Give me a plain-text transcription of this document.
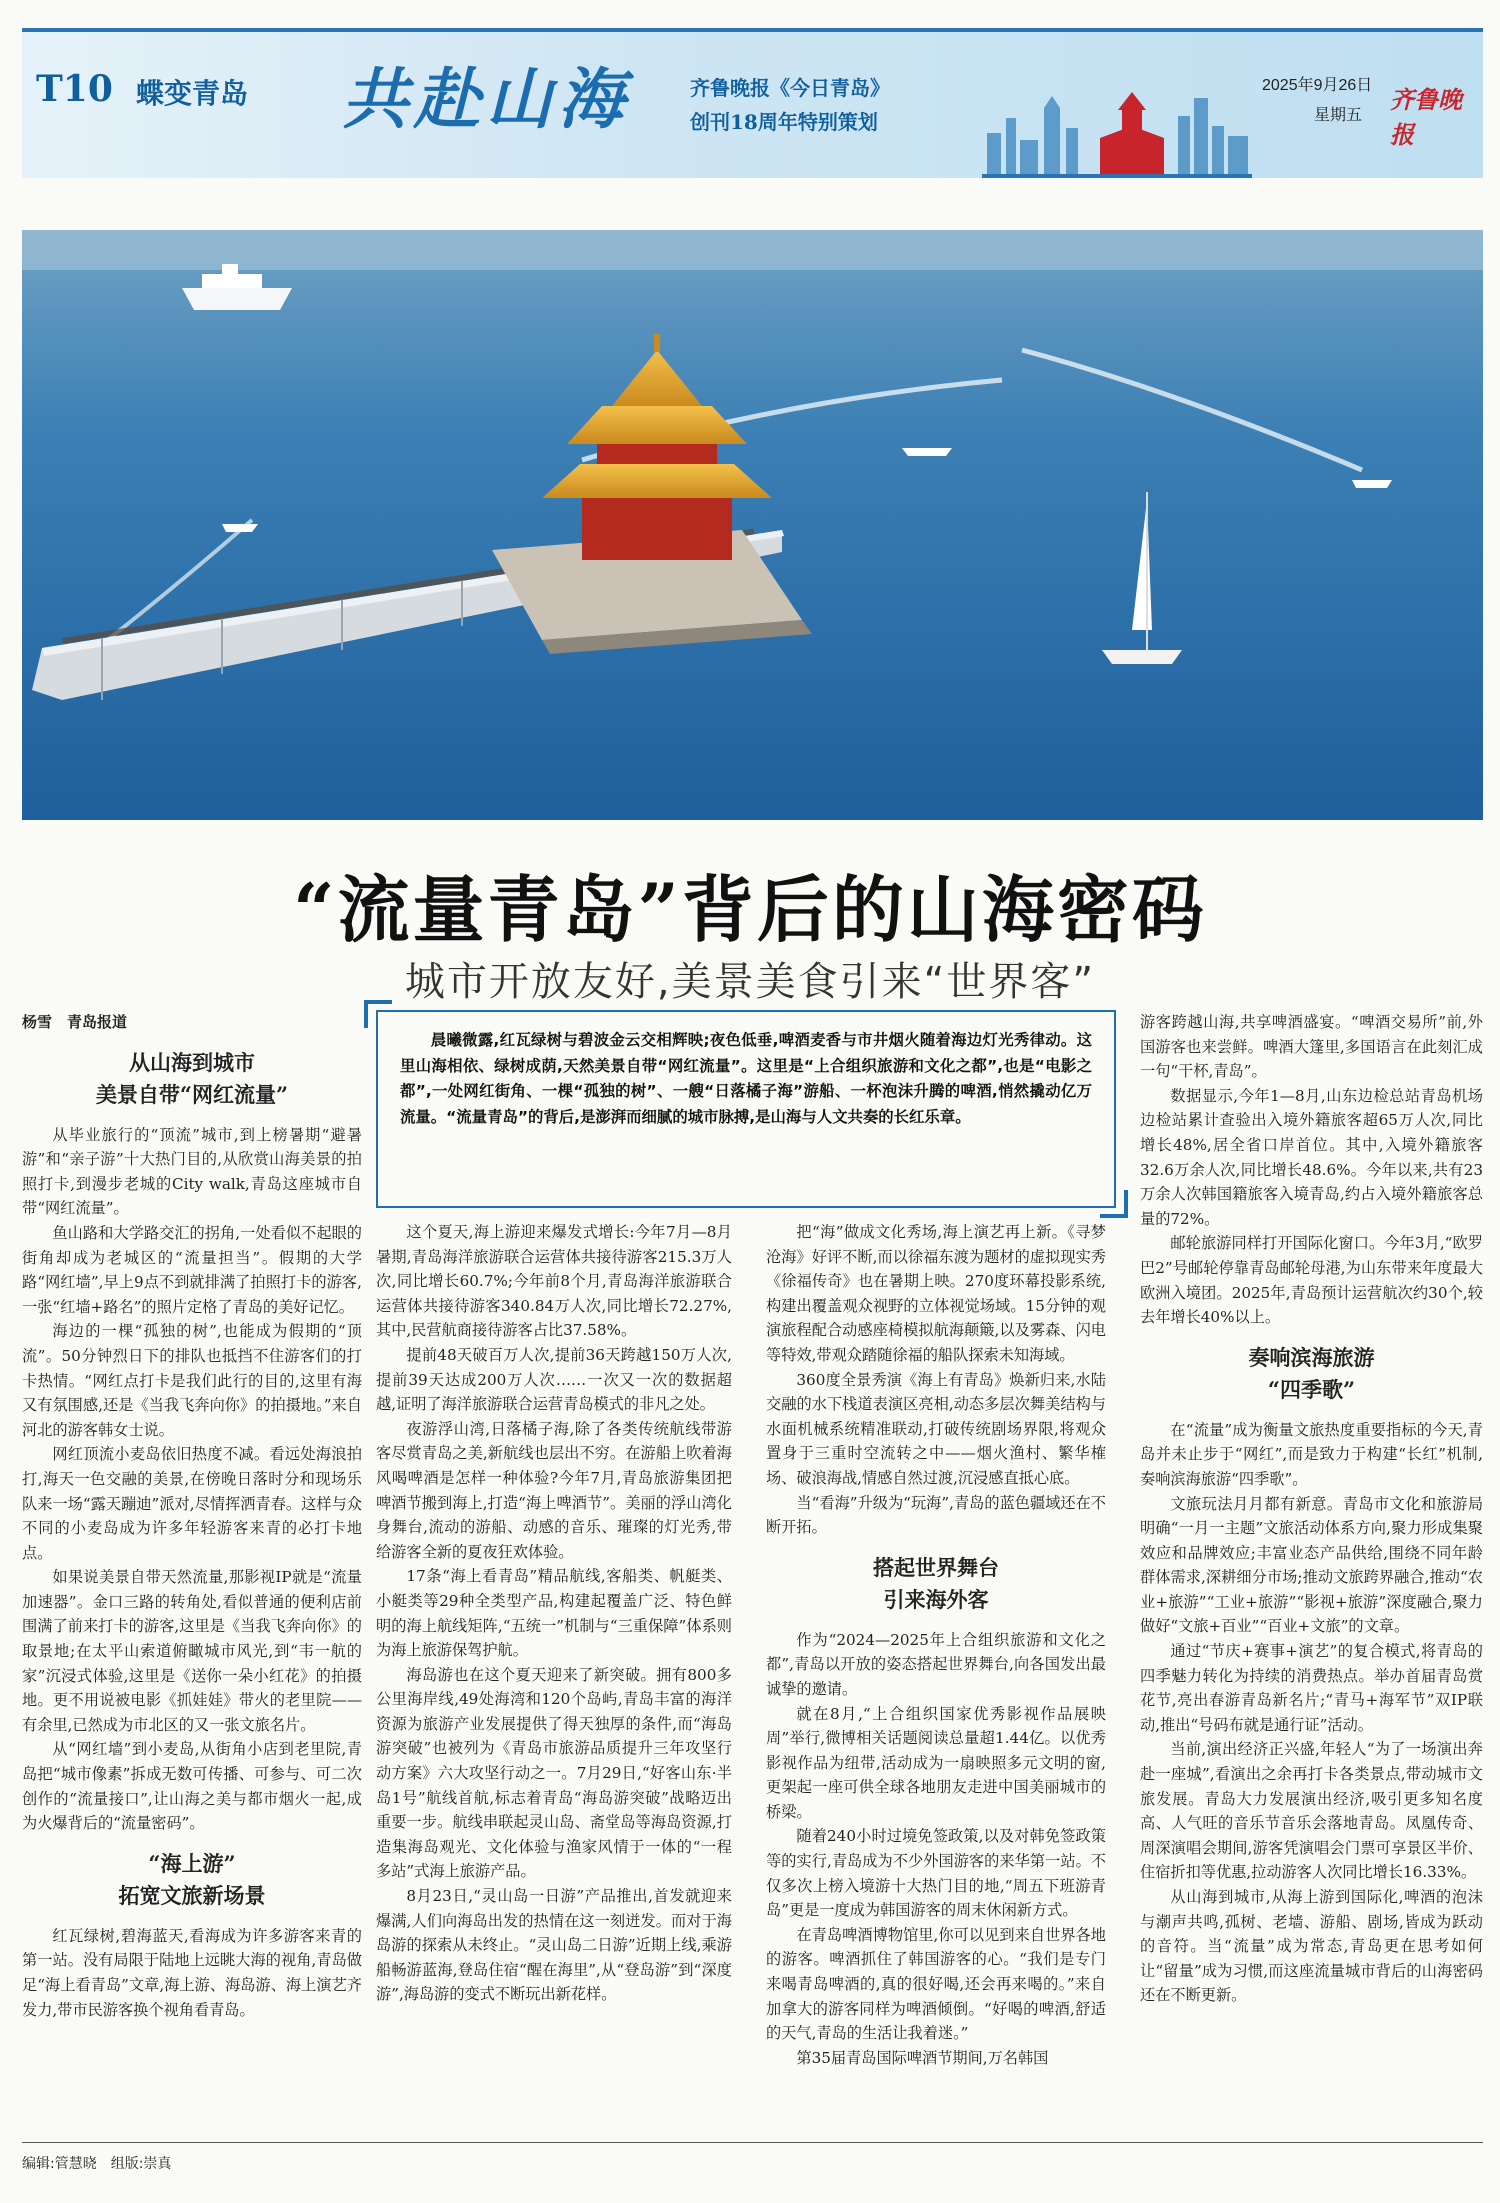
T10 蝶变青岛 共赴山海	齐鲁晚报《今日青岛》
创刊18周年特别策划
2025年9月26日
星期五
齐鲁晚报
“流量青岛”背后的山海密码
城市开放友好,美景美食引来“世界客”
晨曦微露,红瓦绿树与碧波金云交相辉映;夜色低垂,啤酒麦香与市井烟火随着海边灯光秀律动。这里山海相依、绿树成荫,天然美景自带“网红流量”。这里是“上合组织旅游和文化之都”,也是“电影之都”,一处网红街角、一棵“孤独的树”、一艘“日落橘子海”游船、一杯泡沫升腾的啤酒,悄然撬动亿万流量。“流量青岛”的背后,是澎湃而细腻的城市脉搏,是山海与人文共奏的长红乐章。
杨雪　青岛报道
从山海到城市
美景自带“网红流量”

从毕业旅行的“顶流”城市,到上榜暑期“避暑游”和“亲子游”十大热门目的,从欣赏山海美景的拍照打卡,到漫步老城的City walk,青岛这座城市自带“网红流量”。

鱼山路和大学路交汇的拐角,一处看似不起眼的街角却成为老城区的“流量担当”。假期的大学路“网红墙”,早上9点不到就排满了拍照打卡的游客,一张“红墙+路名”的照片定格了青岛的美好记忆。

海边的一棵“孤独的树”,也能成为假期的“顶流”。50分钟烈日下的排队也抵挡不住游客们的打卡热情。“网红点打卡是我们此行的目的,这里有海又有氛围感,还是《当我飞奔向你》的拍摄地。”来自河北的游客韩女士说。

网红顶流小麦岛依旧热度不减。看远处海浪拍打,海天一色交融的美景,在傍晚日落时分和现场乐队来一场“露天蹦迪”派对,尽情挥洒青春。这样与众不同的小麦岛成为许多年轻游客来青的必打卡地点。

如果说美景自带天然流量,那影视IP就是“流量加速器”。金口三路的转角处,看似普通的便利店前围满了前来打卡的游客,这里是《当我飞奔向你》的取景地;在太平山索道俯瞰城市风光,到“韦一航的家”沉浸式体验,这里是《送你一朵小红花》的拍摄地。更不用说被电影《抓娃娃》带火的老里院——有余里,已然成为市北区的又一张文旅名片。

从“网红墙”到小麦岛,从街角小店到老里院,青岛把“城市像素”拆成无数可传播、可参与、可二次创作的“流量接口”,让山海之美与都市烟火一起,成为火爆背后的“流量密码”。

“海上游”
拓宽文旅新场景

红瓦绿树,碧海蓝天,看海成为许多游客来青的第一站。没有局限于陆地上远眺大海的视角,青岛做足“海上看青岛”文章,海上游、海岛游、海上演艺齐发力,带市民游客换个视角看青岛。

这个夏天,海上游迎来爆发式增长:今年7月—8月暑期,青岛海洋旅游联合运营体共接待游客215.3万人次,同比增长60.7%;今年前8个月,青岛海洋旅游联合运营体共接待游客340.84万人次,同比增长72.27%,其中,民营航商接待游客占比37.58%。

提前48天破百万人次,提前36天跨越150万人次,提前39天达成200万人次……一次又一次的数据超越,证明了海洋旅游联合运营青岛模式的非凡之处。

夜游浮山湾,日落橘子海,除了各类传统航线带游客尽赏青岛之美,新航线也层出不穷。在游船上吹着海风喝啤酒是怎样一种体验?今年7月,青岛旅游集团把啤酒节搬到海上,打造“海上啤酒节”。美丽的浮山湾化身舞台,流动的游船、动感的音乐、璀璨的灯光秀,带给游客全新的夏夜狂欢体验。

17条“海上看青岛”精品航线,客船类、帆艇类、小艇类等29种全类型产品,构建起覆盖广泛、特色鲜明的海上航线矩阵,“五统一”机制与“三重保障”体系则为海上旅游保驾护航。

海岛游也在这个夏天迎来了新突破。拥有800多公里海岸线,49处海湾和120个岛屿,青岛丰富的海洋资源为旅游产业发展提供了得天独厚的条件,而“海岛游突破”也被列为《青岛市旅游品质提升三年攻坚行动方案》六大攻坚行动之一。7月29日,“好客山东·半岛1号”航线首航,标志着青岛“海岛游突破”战略迈出重要一步。航线串联起灵山岛、斋堂岛等海岛资源,打造集海岛观光、文化体验与渔家风情于一体的“一程多站”式海上旅游产品。

8月23日,“灵山岛一日游”产品推出,首发就迎来爆满,人们向海岛出发的热情在这一刻迸发。而对于海岛游的探索从未终止。“灵山岛二日游”近期上线,乘游船畅游蓝海,登岛住宿“醒在海里”,从“登岛游”到“深度游”,海岛游的变式不断玩出新花样。

把“海”做成文化秀场,海上演艺再上新。《寻梦沧海》好评不断,而以徐福东渡为题材的虚拟现实秀《徐福传奇》也在暑期上映。270度环幕投影系统,构建出覆盖观众视野的立体视觉场域。15分钟的观演旅程配合动感座椅模拟航海颠簸,以及雾森、闪电等特效,带观众踏随徐福的船队探索未知海域。

360度全景秀演《海上有青岛》焕新归来,水陆交融的水下栈道表演区亮相,动态多层次舞美结构与水面机械系统精准联动,打破传统剧场界限,将观众置身于三重时空流转之中——烟火渔村、繁华榷场、破浪海战,情感自然过渡,沉浸感直抵心底。

当“看海”升级为“玩海”,青岛的蓝色疆域还在不断开拓。

搭起世界舞台
引来海外客

作为“2024—2025年上合组织旅游和文化之都”,青岛以开放的姿态搭起世界舞台,向各国发出最诚挚的邀请。

就在8月,“上合组织国家优秀影视作品展映周”举行,微博相关话题阅读总量超1.44亿。以优秀影视作品为纽带,活动成为一扇映照多元文明的窗,更架起一座可供全球各地朋友走进中国美丽城市的桥梁。

随着240小时过境免签政策,以及对韩免签政策等的实行,青岛成为不少外国游客的来华第一站。不仅多次上榜入境游十大热门目的地,“周五下班游青岛”更是一度成为韩国游客的周末休闲新方式。

在青岛啤酒博物馆里,你可以见到来自世界各地的游客。啤酒抓住了韩国游客的心。“我们是专门来喝青岛啤酒的,真的很好喝,还会再来喝的。”来自加拿大的游客同样为啤酒倾倒。“好喝的啤酒,舒适的天气,青岛的生活让我着迷。”

第35届青岛国际啤酒节期间,万名韩国

游客跨越山海,共享啤酒盛宴。“啤酒交易所”前,外国游客也来尝鲜。啤酒大篷里,多国语言在此刻汇成一句“干杯,青岛”。

数据显示,今年1—8月,山东边检总站青岛机场边检站累计查验出入境外籍旅客超65万人次,同比增长48%,居全省口岸首位。其中,入境外籍旅客32.6万余人次,同比增长48.6%。今年以来,共有23万余人次韩国籍旅客入境青岛,约占入境外籍旅客总量的72%。

邮轮旅游同样打开国际化窗口。今年3月,“欧罗巴2”号邮轮停靠青岛邮轮母港,为山东带来年度最大欧洲入境团。2025年,青岛预计运营航次约30个,较去年增长40%以上。

奏响滨海旅游
“四季歌”

在“流量”成为衡量文旅热度重要指标的今天,青岛并未止步于“网红”,而是致力于构建“长红”机制,奏响滨海旅游“四季歌”。

文旅玩法月月都有新意。青岛市文化和旅游局明确“一月一主题”文旅活动体系方向,聚力形成集聚效应和品牌效应;丰富业态产品供给,围绕不同年龄群体需求,深耕细分市场;推动文旅跨界融合,推动“农业+旅游”“工业+旅游”“影视+旅游”深度融合,聚力做好“文旅+百业”“百业+文旅”的文章。

通过“节庆+赛事+演艺”的复合模式,将青岛的四季魅力转化为持续的消费热点。举办首届青岛赏花节,亮出春游青岛新名片;“青马+海军节”双IP联动,推出“号码布就是通行证”活动。

当前,演出经济正兴盛,年轻人“为了一场演出奔赴一座城”,看演出之余再打卡各类景点,带动城市文旅发展。青岛大力发展演出经济,吸引更多知名度高、人气旺的音乐节音乐会落地青岛。凤凰传奇、周深演唱会期间,游客凭演唱会门票可享景区半价、住宿折扣等优惠,拉动游客人次同比增长16.33%。

从山海到城市,从海上游到国际化,啤酒的泡沫与潮声共鸣,孤树、老墙、游船、剧场,皆成为跃动的音符。当“流量”成为常态,青岛更在思考如何让“留量”成为习惯,而这座流量城市背后的山海密码还在不断更新。

编辑:管慧晓　组版:崇真
